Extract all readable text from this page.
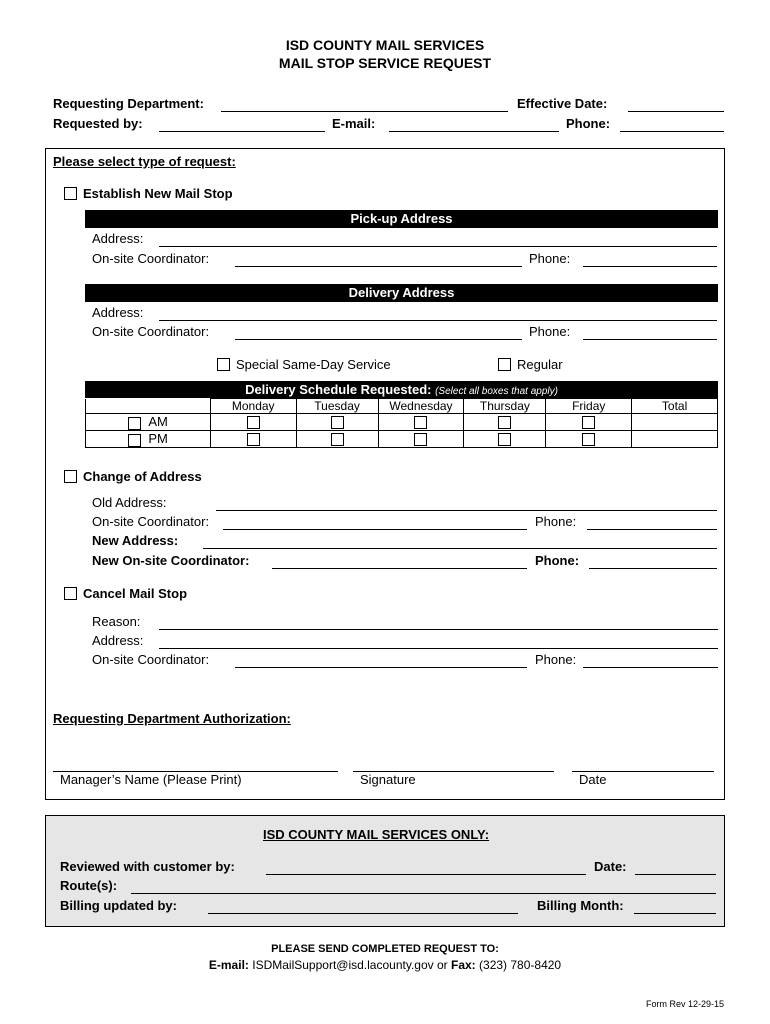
ISD COUNTY MAIL SERVICES
MAIL STOP SERVICE REQUEST
Requesting Department:	Effective Date:
Requested by:	E-mail:	Phone:
Please select type of request:
Establish New Mail Stop
Pick-up Address
Address:
On-site Coordinator:	Phone:
Delivery Address
Address:
On-site Coordinator:	Phone:
Special Same-Day Service	Regular
Delivery Schedule Requested: (Select all boxes that apply)
	Monday	Tuesday	Wednesday	Thursday	Friday	Total
AM						
PM						
Change of Address
Old Address:
On-site Coordinator:	Phone:
New Address:
New On-site Coordinator:	Phone:
Cancel Mail Stop
Reason:
Address:
On-site Coordinator:	Phone:
Requesting Department Authorization:
Manager’s Name (Please Print)	Signature	Date
ISD COUNTY MAIL SERVICES ONLY:
Reviewed with customer by:	Date:
Route(s):
Billing updated by:	Billing Month:
PLEASE SEND COMPLETED REQUEST TO:
E-mail: ISDMailSupport@isd.lacounty.gov or Fax: (323) 780-8420
Form Rev 12-29-15
